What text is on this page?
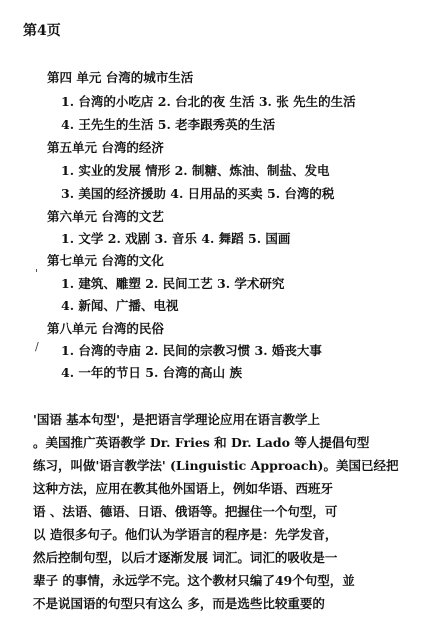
第4页
第四 单元 台湾的城市生活
1. 台湾的小吃店 2. 台北的夜 生活 3. 张 先生的生活
4. 王先生的生活 5. 老李跟秀英的生活
第五单元 台湾的经济
1. 实业的发展 情形 2. 制糖、炼油、制盐、发电
3. 美国的经济援助 4. 日用品的买卖 5. 台湾的税
第六单元 台湾的文艺
1. 文学 2. 戏剧 3. 音乐 4. 舞蹈 5. 国画
第七单元 台湾的文化
1. 建筑、雕塑 2. 民间工艺 3. 学术研究
4. 新闻、广播、电视
第八单元 台湾的民俗
1. 台湾的寺庙 2. 民间的宗教习惯 3. 婚丧大事
4. 一年的节日 5. 台湾的高山 族
'
/
'国语 基本句型'，是把语言学理论应用在语言教学上
。美国推广英语教学 Dr. Fries 和 Dr. Lado 等人提倡句型
练习，叫做'语言教学法' (Linguistic Approach)。美国已经把
这种方法，应用在教其他外国语上，例如华语、西班牙
语 、法语、德语、日语、俄语等。把握住一个句型，可
以 造很多句子。他们认为学语言的程序是：先学发音，
然后控制句型，以后才逐渐发展 词汇。词汇的吸收是一
辈子 的事情，永远学不完。这个教材只编了49个句型，並
不是说国语的句型只有这么 多，而是选些比较重要的
